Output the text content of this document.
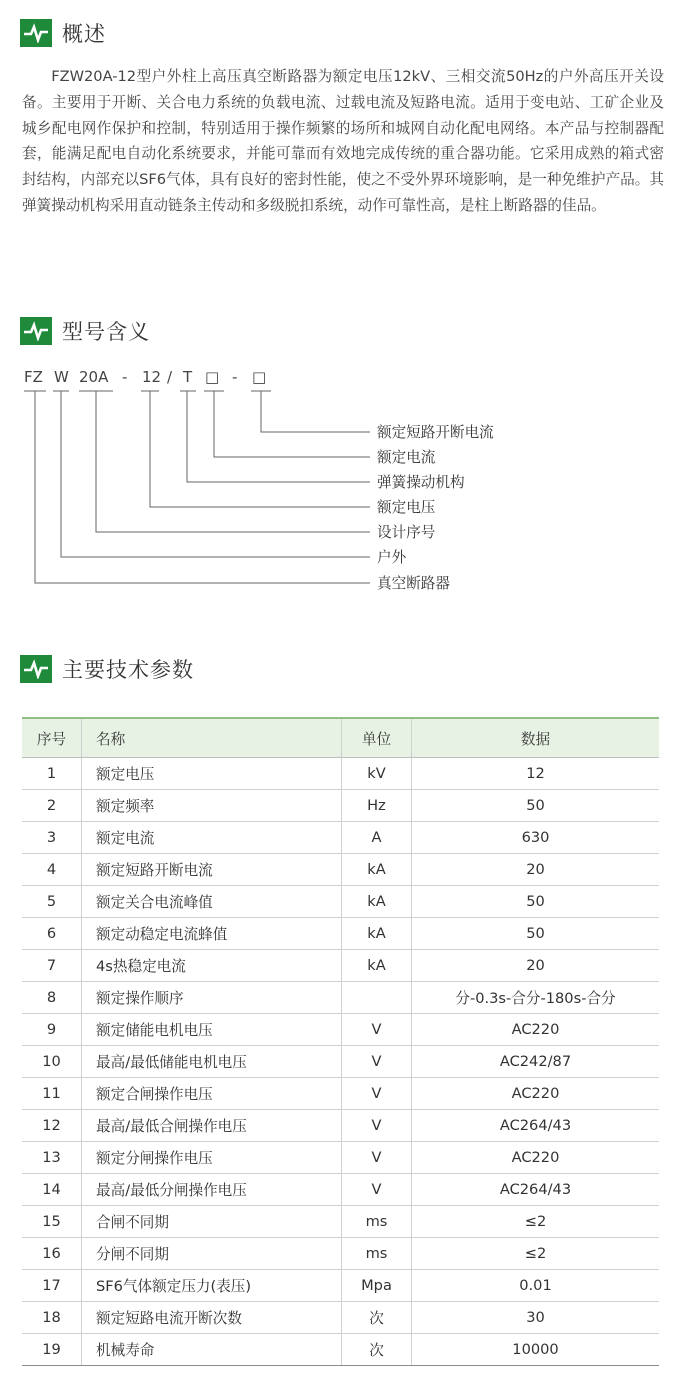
概述

FZW20A-12型户外柱上高压真空断路器为额定电压12kV、三相交流50Hz的户外高压开关设备。主要用于开断、关合电力系统的负载电流、过载电流及短路电流。适用于变电站、工矿企业及城乡配电网作保护和控制，特别适用于操作频繁的场所和城网自动化配电网络。本产品与控制器配套，能满足配电自动化系统要求，并能可靠而有效地完成传统的重合器功能。它采用成熟的箱式密封结构，内部充以SF6气体，具有良好的密封性能，使之不受外界环境影响，是一种免维护产品。其弹簧操动机构采用直动链条主传动和多级脱扣系统，动作可靠性高，是柱上断路器的佳品。

型号含义
FZ W 20A - 12 / T □ - □
额定短路开断电流
额定电流
弹簧操动机构
额定电压
设计序号
户外
真空断路器
主要技术参数
序号	名称	单位	数据
1	额定电压	kV	12
2	额定频率	Hz	50
3	额定电流	A	630
4	额定短路开断电流	kA	20
5	额定关合电流峰值	kA	50
6	额定动稳定电流蜂值	kA	50
7	4s热稳定电流	kA	20
8	额定操作顺序		分-0.3s-合分-180s-合分
9	额定储能电机电压	V	AC220
10	最高/最低储能电机电压	V	AC242/87
11	额定合闸操作电压	V	AC220
12	最高/最低合闸操作电压	V	AC264/43
13	额定分闸操作电压	V	AC220
14	最高/最低分闸操作电压	V	AC264/43
15	合闸不同期	ms	≤2
16	分闸不同期	ms	≤2
17	SF6气体额定压力(表压)	Mpa	0.01
18	额定短路电流开断次数	次	30
19	机械寿命	次	10000
